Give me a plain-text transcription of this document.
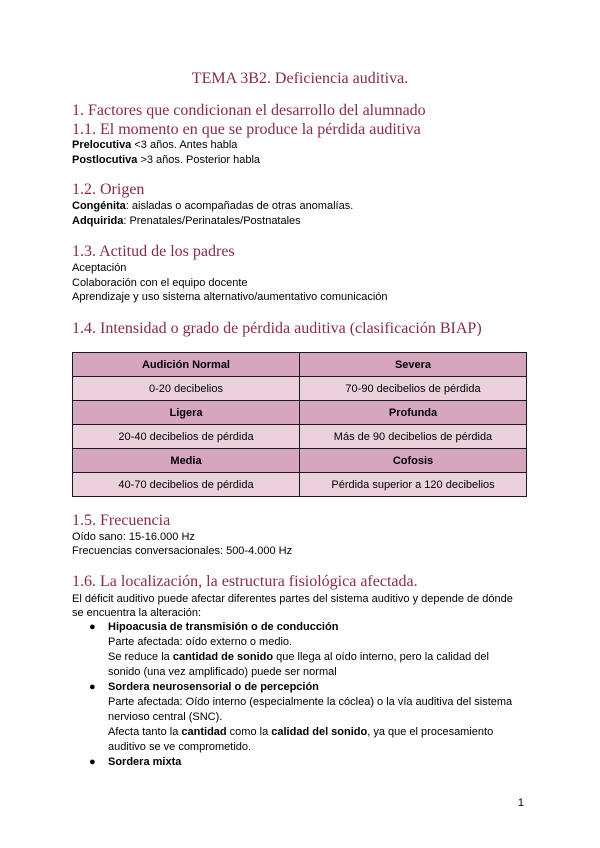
TEMA 3B2. Deficiencia auditiva.
1. Factores que condicionan el desarrollo del alumnado
1.1. El momento en que se produce la pérdida auditiva

Prelocutiva <3 años. Antes habla

Postlocutiva >3 años. Posterior habla

1.2. Origen

Congénita: aisladas o acompañadas de otras anomalías.

Adquirida: Prenatales/Perinatales/Postnatales

1.3. Actitud de los padres

Aceptación

Colaboración con el equipo docente

Aprendizaje y uso sistema alternativo/aumentativo comunicación

1.4. Intensidad o grado de pérdida auditiva (clasificación BIAP)
Audición Normal	Severa
0-20 decibelios	70-90 decibelios de pérdida
Ligera	Profunda
20-40 decibelios de pérdida	Más de 90 decibelios de pérdida
Media	Cofosis
40-70 decibelios de pérdida	Pérdida superior a 120 decibelios
1.5. Frecuencia

Oído sano: 15-16.000 Hz

Frecuencias conversacionales: 500-4.000 Hz

1.6. La localización, la estructura fisiológica afectada.

El déficit auditivo puede afectar diferentes partes del sistema auditivo y depende de dónde

se encuentra la alteración:

● Hipoacusia de transmisión o de conducción
Parte afectada: oído externo o medio.
Se reduce la cantidad de sonido que llega al oído interno, pero la calidad del
sonido (una vez amplificado) puede ser normal
● Sordera neurosensorial o de percepción
Parte afectada: Oído interno (especialmente la cóclea) o la vía auditiva del sistema
nervioso central (SNC).
Afecta tanto la cantidad como la calidad del sonido, ya que el procesamiento
auditivo se ve comprometido.
● Sordera mixta
1
